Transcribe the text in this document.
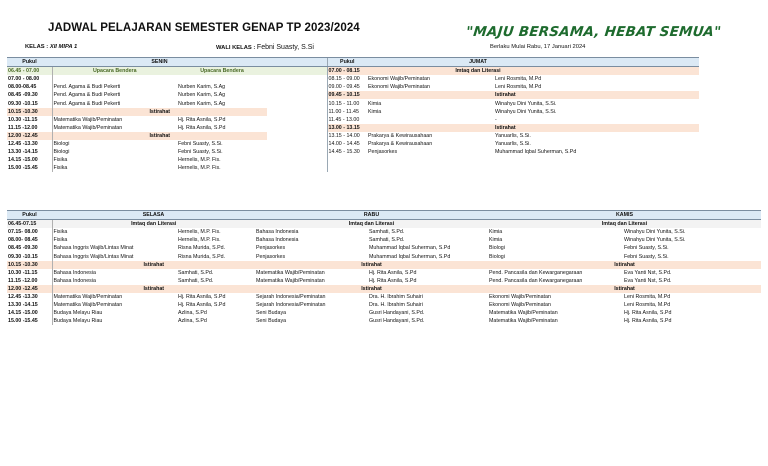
JADWAL PELAJARAN SEMESTER GENAP TP 2023/2024	"MAJU BERSAMA, HEBAT SEMUA"
KELAS : XII MIPA 1	WALI KELAS : Febni Suasty, S.Si	Berlaku Mulai Rabu, 17 Januari 2024
Pukul	SENIN			Pukul	JUMAT		
06.45 - 07.00	Upacara Bendera	Upacara Bendera		07.00 - 08.15	Imtaq dan Literasi		
07.00 - 08.00				08.15 - 09.00	Ekonomi Wajib/Peminatan	Leni Rosmita, M.Pd	
08.00-08.45	Pend. Agama & Budi Pekerti	Nurben Karim, S.Ag		09.00 - 09.45	Ekonomi Wajib/Peminatan	Leni Rosmita, M.Pd	
08.45 -09.30	Pend. Agama & Budi Pekerti	Nurben Karim, S.Ag		09.45 - 10.15		Istirahat	
09.30 -10.15	Pend. Agama & Budi Pekerti	Nurben Karim, S.Ag		10.15 - 11.00	Kimia	Winahyu Dini Yunita, S.Si.	
10.15 -10.30	Istirahat			11.00 - 11.45	Kimia	Winahyu Dini Yunita, S.Si.	
10.30 -11.15	Matematika Wajib/Peminatan	Hj. Rita Asnila, S.Pd		11.45 - 13.00		-	
11.15 -12.00	Matematika Wajib/Peminatan	Hj. Rita Asnila, S.Pd		13.00 - 13.15		Istirahat	
12.00 -12.45	Istirahat			13.15 - 14.00	Prakarya & Kewirausahaan	Yanuarlis, S.Si.	
12.45 -13.30	Biologi	Febni Suasty, S.Si.		14.00 - 14.45	Prakarya & Kewirausahaan	Yanuarlis, S.Si.	
13.30 -14.15	Biologi	Febni Suasty, S.Si.		14.45 - 15.30	Penjasorkes	Muhammad Iqbal Suherman, S.Pd	
14.15 -15.00	Fisika	Hernelis, M.P. Fis.					
15.00 -15.45	Fisika	Hernelis, M.P. Fis.					
Pukul	SELASA		RABU		KAMIS	
06.45-07.15	Imtaq dan Literasi		Imtaq dan Literasi		Imtaq dan Literasi	
07.15- 08.00	Fisika	Hernelis, M.P. Fis.	Bahasa Indonesia	Samhati, S.Pd.	Kimia	Winahyu Dini Yunita, S.Si.
08.00- 08.45	Fisika	Hernelis, M.P. Fis.	Bahasa Indonesia	Samhati, S.Pd.	Kimia	Winahyu Dini Yunita, S.Si.
08.45 -09.30	Bahasa Inggris Wajib/Lintas Minat	Risna Murida, S.Pd.	Penjasorkes	Muhammad Iqbal Suherman, S.Pd	Biologi	Febni Suasty, S.Si.
09.30 -10.15	Bahasa Inggris Wajib/Lintas Minat	Risna Murida, S.Pd.	Penjasorkes	Muhammad Iqbal Suherman, S.Pd	Biologi	Febni Suasty, S.Si.
10.15 -10.30	Istirahat		Istirahat		Istirahat	
10.30 -11.15	Bahasa Indonesia	Samhati, S.Pd.	Matematika Wajib/Peminatan	Hj. Rita Asnila, S.Pd	Pend. Pancasila dan Kewarganegaraan	Eva Yanti Nst, S.Pd.
11.15 -12.00	Bahasa Indonesia	Samhati, S.Pd.	Matematika Wajib/Peminatan	Hj. Rita Asnila, S.Pd	Pend. Pancasila dan Kewarganegaraan	Eva Yanti Nst, S.Pd.
12.00 -12.45	Istirahat		Istirahat		Istirahat	
12.45 -13.30	Matematika Wajib/Peminatan	Hj. Rita Asnila, S.Pd	Sejarah Indonesia/Peminatan	Dra. H. Ibrahim Suhairi	Ekonomi Wajib/Peminatan	Leni Rosmita, M.Pd
13.30 -14.15	Matematika Wajib/Peminatan	Hj. Rita Asnila, S.Pd	Sejarah Indonesia/Peminatan	Dra. H. Ibrahim Suhairi	Ekonomi Wajib/Peminatan	Leni Rosmita, M.Pd
14.15 -15.00	Budaya Melayu Riau	Azlina, S.Pd	Seni Budaya	Gusri Handayani, S.Pd.	Matematika Wajib/Peminatan	Hj. Rita Asnila, S.Pd
15.00 -15.45	Budaya Melayu Riau	Azlina, S.Pd	Seni Budaya	Gusri Handayani, S.Pd.	Matematika Wajib/Peminatan	Hj. Rita Asnila, S.Pd
